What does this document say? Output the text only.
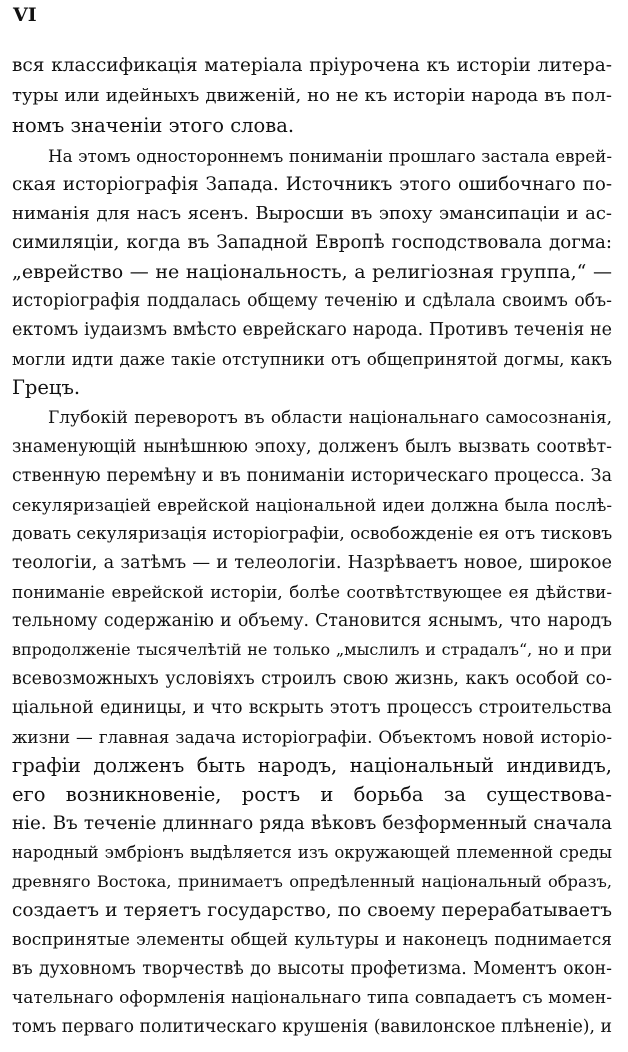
VI
вся классификація матеріала пріурочена къ исторіи литера-
туры или идейныхъ движеній, но не къ исторіи народа въ пол-
номъ значеніи этого слова.
На этомъ одностороннемъ пониманіи прошлаго застала еврей-
ская исторіографія Запада. Источникъ этого ошибочнаго по-
ниманія для насъ ясенъ. Выросши въ эпоху эмансипаціи и ас-
симиляціи, когда въ Западной Европѣ господствовала догма:
„еврейство — не національность, а религіозная группа,“ —
исторіографія поддалась общему теченію и сдѣлала своимъ объ-
ектомъ іудаизмъ вмѣсто еврейскаго народа. Противъ теченія не
могли идти даже такіе отступники отъ общепринятой догмы, какъ
Грецъ.
Глубокій переворотъ въ области національнаго самосознанія,
знаменующій нынѣшнюю эпоху, долженъ былъ вызвать соотвѣт-
ственную перемѣну и въ пониманіи историческаго процесса. За
секуляризаціей еврейской національной идеи должна была послѣ-
довать секуляризація исторіографіи, освобожденіе ея отъ тисковъ
теологіи, а затѣмъ — и телеологіи. Назрѣваетъ новое, широкое
пониманіе еврейской исторіи, болѣе соотвѣтствующее ея дѣйстви-
тельному содержанію и объему. Становится яснымъ, что народъ
впродолженіе тысячелѣтій не только „мыслилъ и страдалъ“, но и при
всевозможныхъ условіяхъ строилъ свою жизнь, какъ особой со-
ціальной единицы, и что вскрыть этотъ процессъ строительства
жизни — главная задача исторіографіи. Объектомъ новой исторіо-
графіи долженъ быть народъ, національный индивидъ,
его возникновеніе, ростъ и борьба за существова-
ніе. Въ теченіе длиннаго ряда вѣковъ безформенный сначала
народный эмбріонъ выдѣляется изъ окружающей племенной среды
древняго Востока, принимаетъ опредѣленный національный образъ,
создаетъ и теряетъ государство, по своему перерабатываетъ
воспринятые элементы общей культуры и наконецъ поднимается
въ духовномъ творчествѣ до высоты профетизма. Моментъ окон-
чательнаго оформленія національнаго типа совпадаетъ съ момен-
томъ перваго политическаго крушенія (вавилонское плѣненіе), и
